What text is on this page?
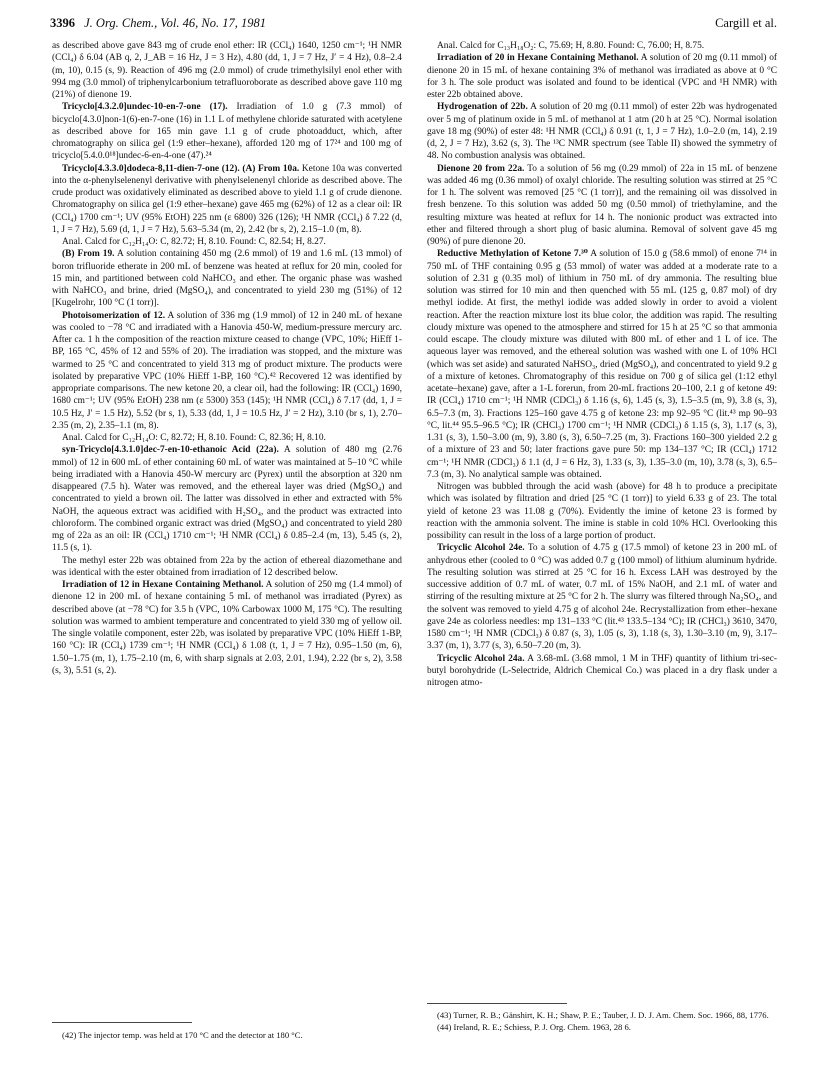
3396 J. Org. Chem., Vol. 46, No. 17, 1981	Cargill et al.

as described above gave 843 mg of crude enol ether: IR (CCl₄) 1640, 1250 cm⁻¹; ¹H NMR (CCl₄) δ 6.04 (AB q, 2, J_AB = 16 Hz, J = 3 Hz), 4.80 (dd, 1, J = 7 Hz, J′ = 4 Hz), 0.8–2.4 (m, 10), 0.15 (s, 9). Reaction of 496 mg (2.0 mmol) of crude trimethylsilyl enol ether with 994 mg (3.0 mmol) of triphenylcarbonium tetrafluoroborate as described above gave 110 mg (21%) of dienone 19.

Tricyclo[4.3.2.0]undec-10-en-7-one (17). Irradiation of 1.0 g (7.3 mmol) of bicyclo[4.3.0]non-1(6)-en-7-one (16) in 1.1 L of methylene chloride saturated with acetylene as described above for 165 min gave 1.1 g of crude photoadduct, which, after chromatography on silica gel (1:9 ether–hexane), afforded 120 mg of 17²⁴ and 100 mg of tricyclo[5.4.0.0¹⁸]undec-6-en-4-one (47).²⁴

Tricyclo[4.3.3.0]dodeca-8,11-dien-7-one (12). (A) From 10a. Ketone 10a was converted into the α-phenylselenenyl derivative with phenylselenenyl chloride as described above. The crude product was oxidatively eliminated as described above to yield 1.1 g of crude dienone. Chromatography on silica gel (1:9 ether–hexane) gave 465 mg (62%) of 12 as a clear oil: IR (CCl₄) 1700 cm⁻¹; UV (95% EtOH) 225 nm (ε 6800) 326 (126); ¹H NMR (CCl₄) δ 7.22 (d, 1, J = 7 Hz), 5.69 (d, 1, J = 7 Hz), 5.63–5.34 (m, 2), 2.42 (br s, 2), 2.15–1.0 (m, 8).

Anal. Calcd for C₁₂H₁₄O: C, 82.72; H, 8.10. Found: C, 82.54; H, 8.27.

(B) From 19. A solution containing 450 mg (2.6 mmol) of 19 and 1.6 mL (13 mmol) of boron trifluoride etherate in 200 mL of benzene was heated at reflux for 20 min, cooled for 15 min, and partitioned between cold NaHCO₃ and ether. The organic phase was washed with NaHCO₃ and brine, dried (MgSO₄), and concentrated to yield 230 mg (51%) of 12 [Kugelrohr, 100 °C (1 torr)].

Photoisomerization of 12. A solution of 336 mg (1.9 mmol) of 12 in 240 mL of hexane was cooled to −78 °C and irradiated with a Hanovia 450-W, medium-pressure mercury arc. After ca. 1 h the composition of the reaction mixture ceased to change (VPC, 10%; HiEff 1-BP, 165 °C, 45% of 12 and 55% of 20). The irradiation was stopped, and the mixture was warmed to 25 °C and concentrated to yield 313 mg of product mixture. The products were isolated by preparative VPC (10% HiEff 1-BP, 160 °C).⁴² Recovered 12 was identified by appropriate comparisons. The new ketone 20, a clear oil, had the following: IR (CCl₄) 1690, 1680 cm⁻¹; UV (95% EtOH) 238 nm (ε 5300) 353 (145); ¹H NMR (CCl₄) δ 7.17 (dd, 1, J = 10.5 Hz, J′ = 1.5 Hz), 5.52 (br s, 1), 5.33 (dd, 1, J = 10.5 Hz, J′ = 2 Hz), 3.10 (br s, 1), 2.70–2.35 (m, 2), 2.35–1.1 (m, 8).

Anal. Calcd for C₁₂H₁₄O: C, 82.72; H, 8.10. Found: C, 82.36; H, 8.10.

syn-Tricyclo[4.3.1.0]dec-7-en-10-ethanoic Acid (22a). A solution of 480 mg (2.76 mmol) of 12 in 600 mL of ether containing 60 mL of water was maintained at 5–10 °C while being irradiated with a Hanovia 450-W mercury arc (Pyrex) until the absorption at 320 nm disappeared (7.5 h). Water was removed, and the ethereal layer was dried (MgSO₄) and concentrated to yield a brown oil. The latter was dissolved in ether and extracted with 5% NaOH, the aqueous extract was acidified with H₂SO₄, and the product was extracted into chloroform. The combined organic extract was dried (MgSO₄) and concentrated to yield 280 mg of 22a as an oil: IR (CCl₄) 1710 cm⁻¹; ¹H NMR (CCl₄) δ 0.85–2.4 (m, 13), 5.45 (s, 2), 11.5 (s, 1).

The methyl ester 22b was obtained from 22a by the action of ethereal diazomethane and was identical with the ester obtained from irradiation of 12 described below.

Irradiation of 12 in Hexane Containing Methanol. A solution of 250 mg (1.4 mmol) of dienone 12 in 200 mL of hexane containing 5 mL of methanol was irradiated (Pyrex) as described above (at −78 °C) for 3.5 h (VPC, 10% Carbowax 1000 M, 175 °C). The resulting solution was warmed to ambient temperature and concentrated to yield 330 mg of yellow oil. The single volatile component, ester 22b, was isolated by preparative VPC (10% HiEff 1-BP, 160 °C): IR (CCl₄) 1739 cm⁻¹; ¹H NMR (CCl₄) δ 1.08 (t, 1, J = 7 Hz), 0.95–1.50 (m, 6), 1.50–1.75 (m, 1), 1.75–2.10 (m, 6, with sharp signals at 2.03, 2.01, 1.94), 2.22 (br s, 2), 3.58 (s, 3), 5.51 (s, 2).

Anal. Calcd for C₁₃H₁₈O₂: C, 75.69; H, 8.80. Found: C, 76.00; H, 8.75.

Irradiation of 20 in Hexane Containing Methanol. A solution of 20 mg (0.11 mmol) of dienone 20 in 15 mL of hexane containing 3% of methanol was irradiated as above at 0 °C for 3 h. The sole product was isolated and found to be identical (VPC and ¹H NMR) with ester 22b obtained above.

Hydrogenation of 22b. A solution of 20 mg (0.11 mmol) of ester 22b was hydrogenated over 5 mg of platinum oxide in 5 mL of methanol at 1 atm (20 h at 25 °C). Normal isolation gave 18 mg (90%) of ester 48: ¹H NMR (CCl₄) δ 0.91 (t, 1, J = 7 Hz), 1.0–2.0 (m, 14), 2.19 (d, 2, J = 7 Hz), 3.62 (s, 3). The ¹³C NMR spectrum (see Table II) showed the symmetry of 48. No combustion analysis was obtained.

Dienone 20 from 22a. To a solution of 56 mg (0.29 mmol) of 22a in 15 mL of benzene was added 46 mg (0.36 mmol) of oxalyl chloride. The resulting solution was stirred at 25 °C for 1 h. The solvent was removed [25 °C (1 torr)], and the remaining oil was dissolved in fresh benzene. To this solution was added 50 mg (0.50 mmol) of triethylamine, and the resulting mixture was heated at reflux for 14 h. The nonionic product was extracted into ether and filtered through a short plug of basic alumina. Removal of solvent gave 45 mg (90%) of pure dienone 20.

Reductive Methylation of Ketone 7.³⁰ A solution of 15.0 g (58.6 mmol) of enone 7¹⁴ in 750 mL of THF containing 0.95 g (53 mmol) of water was added at a moderate rate to a solution of 2.31 g (0.35 mol) of lithium in 750 mL of dry ammonia. The resulting blue solution was stirred for 10 min and then quenched with 55 mL (125 g, 0.87 mol) of dry methyl iodide. At first, the methyl iodide was added slowly in order to avoid a violent reaction. After the reaction mixture lost its blue color, the addition was rapid. The resulting cloudy mixture was opened to the atmosphere and stirred for 15 h at 25 °C so that ammonia could escape. The cloudy mixture was diluted with 800 mL of ether and 1 L of ice. The aqueous layer was removed, and the ethereal solution was washed with one L of 10% HCl (which was set aside) and saturated NaHSO₃, dried (MgSO₄), and concentrated to yield 9.2 g of a mixture of ketones. Chromatography of this residue on 700 g of silica gel (1:12 ethyl acetate–hexane) gave, after a 1-L forerun, from 20-mL fractions 20–100, 2.1 g of ketone 49: IR (CCl₄) 1710 cm⁻¹; ¹H NMR (CDCl₃) δ 1.16 (s, 6), 1.45 (s, 3), 1.5–3.5 (m, 9), 3.8 (s, 3), 6.5–7.3 (m, 3). Fractions 125–160 gave 4.75 g of ketone 23: mp 92–95 °C (lit.⁴³ mp 90–93 °C, lit.⁴⁴ 95.5–96.5 °C); IR (CHCl₃) 1700 cm⁻¹; ¹H NMR (CDCl₃) δ 1.15 (s, 3), 1.17 (s, 3), 1.31 (s, 3), 1.50–3.00 (m, 9), 3.80 (s, 3), 6.50–7.25 (m, 3). Fractions 160–300 yielded 2.2 g of a mixture of 23 and 50; later fractions gave pure 50: mp 134–137 °C; IR (CCl₄) 1712 cm⁻¹; ¹H NMR (CDCl₃) δ 1.1 (d, J = 6 Hz, 3), 1.33 (s, 3), 1.35–3.0 (m, 10), 3.78 (s, 3), 6.5–7.3 (m, 3). No analytical sample was obtained.

Nitrogen was bubbled through the acid wash (above) for 48 h to produce a precipitate which was isolated by filtration and dried [25 °C (1 torr)] to yield 6.33 g of 23. The total yield of ketone 23 was 11.08 g (70%). Evidently the imine of ketone 23 is formed by reaction with the ammonia solvent. The imine is stable in cold 10% HCl. Overlooking this possibility can result in the loss of a large portion of product.

Tricyclic Alcohol 24e. To a solution of 4.75 g (17.5 mmol) of ketone 23 in 200 mL of anhydrous ether (cooled to 0 °C) was added 0.7 g (100 mmol) of lithium aluminum hydride. The resulting solution was stirred at 25 °C for 16 h. Excess LAH was destroyed by the successive addition of 0.7 mL of water, 0.7 mL of 15% NaOH, and 2.1 mL of water and stirring of the resulting mixture at 25 °C for 2 h. The slurry was filtered through Na₂SO₄, and the solvent was removed to yield 4.75 g of alcohol 24e. Recrystallization from ether–hexane gave 24e as colorless needles: mp 131–133 °C (lit.⁴³ 133.5–134 °C); IR (CHCl₃) 3610, 3470, 1580 cm⁻¹; ¹H NMR (CDCl₃) δ 0.87 (s, 3), 1.05 (s, 3), 1.18 (s, 3), 1.30–3.10 (m, 9), 3.17–3.37 (m, 1), 3.77 (s, 3), 6.50–7.20 (m, 3).

Tricyclic Alcohol 24a. A 3.68-mL (3.68 mmol, 1 M in THF) quantity of lithium tri-sec-butyl borohydride (L-Selectride, Aldrich Chemical Co.) was placed in a dry flask under a nitrogen atmo-

(42) The injector temp. was held at 170 °C and the detector at 180 °C.

(43) Turner, R. B.; Gänshirt, K. H.; Shaw, P. E.; Tauber, J. D. J. Am. Chem. Soc. 1966, 88, 1776.

(44) Ireland, R. E.; Schiess, P. J. Org. Chem. 1963, 28 6.
